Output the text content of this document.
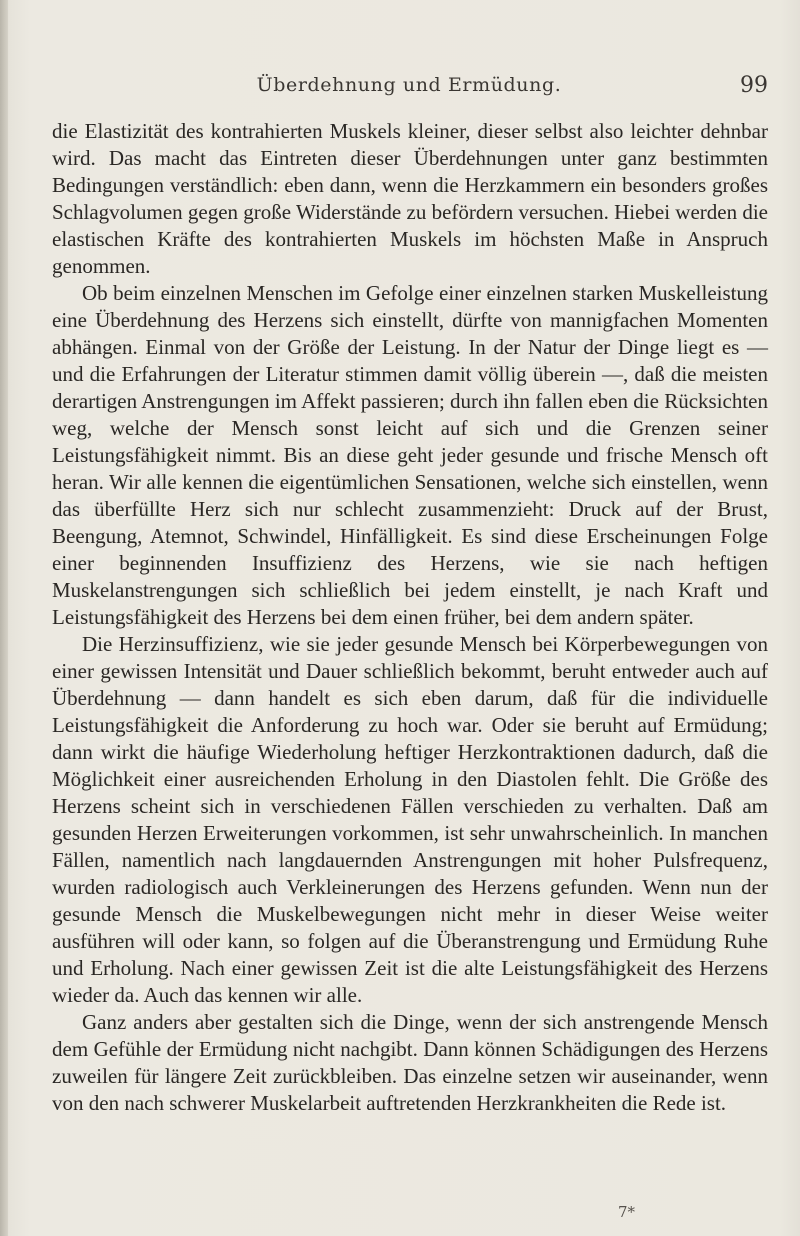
Überdehnung und Ermüdung.	99

die Elastizität des kontrahierten Muskels kleiner, dieser selbst also leichter dehnbar wird. Das macht das Eintreten dieser Überdehnungen unter ganz bestimmten Bedingungen verständlich: eben dann, wenn die Herzkammern ein besonders großes Schlagvolumen gegen große Widerstände zu befördern versuchen. Hiebei werden die elastischen Kräfte des kontrahierten Muskels im höchsten Maße in Anspruch genommen.

Ob beim einzelnen Menschen im Gefolge einer einzelnen starken Muskelleistung eine Überdehnung des Herzens sich einstellt, dürfte von mannigfachen Momenten abhängen. Einmal von der Größe der Leistung. In der Natur der Dinge liegt es — und die Erfahrungen der Literatur stimmen damit völlig überein —, daß die meisten derartigen Anstrengungen im Affekt passieren; durch ihn fallen eben die Rücksichten weg, welche der Mensch sonst leicht auf sich und die Grenzen seiner Leistungsfähigkeit nimmt. Bis an diese geht jeder gesunde und frische Mensch oft heran. Wir alle kennen die eigentümlichen Sensationen, welche sich einstellen, wenn das überfüllte Herz sich nur schlecht zusammenzieht: Druck auf der Brust, Beengung, Atemnot, Schwindel, Hinfälligkeit. Es sind diese Erscheinungen Folge einer beginnenden Insuffizienz des Herzens, wie sie nach heftigen Muskelanstrengungen sich schließlich bei jedem einstellt, je nach Kraft und Leistungsfähigkeit des Herzens bei dem einen früher, bei dem andern später.

Die Herzinsuffizienz, wie sie jeder gesunde Mensch bei Körperbewegungen von einer gewissen Intensität und Dauer schließlich bekommt, beruht entweder auch auf Überdehnung — dann handelt es sich eben darum, daß für die individuelle Leistungsfähigkeit die Anforderung zu hoch war. Oder sie beruht auf Ermüdung; dann wirkt die häufige Wiederholung heftiger Herzkontraktionen dadurch, daß die Möglichkeit einer ausreichenden Erholung in den Diastolen fehlt. Die Größe des Herzens scheint sich in verschiedenen Fällen verschieden zu verhalten. Daß am gesunden Herzen Erweiterungen vorkommen, ist sehr unwahrscheinlich. In manchen Fällen, namentlich nach langdauernden Anstrengungen mit hoher Pulsfrequenz, wurden radiologisch auch Verkleinerungen des Herzens gefunden. Wenn nun der gesunde Mensch die Muskelbewegungen nicht mehr in dieser Weise weiter ausführen will oder kann, so folgen auf die Überanstrengung und Ermüdung Ruhe und Erholung. Nach einer gewissen Zeit ist die alte Leistungsfähigkeit des Herzens wieder da. Auch das kennen wir alle.

Ganz anders aber gestalten sich die Dinge, wenn der sich anstrengende Mensch dem Gefühle der Ermüdung nicht nachgibt. Dann können Schädigungen des Herzens zuweilen für längere Zeit zurückbleiben. Das einzelne setzen wir auseinander, wenn von den nach schwerer Muskelarbeit auftretenden Herzkrankheiten die Rede ist.

7*
